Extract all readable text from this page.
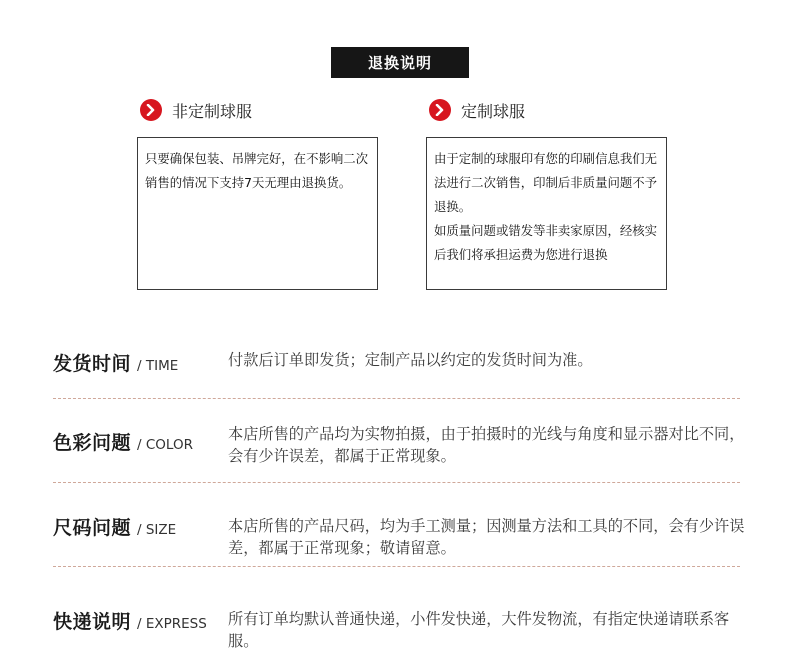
退换说明
非定制球服

只要确保包装、吊牌完好，在不影响二次销售的情况下支持7天无理由退换货。

定制球服

由于定制的球服印有您的印刷信息我们无法进行二次销售，印制后非质量问题不予退换。

如质量问题或错发等非卖家原因，经核实后我们将承担运费为您进行退换

发货时间 / TIME	付款后订单即发货；定制产品以约定的发货时间为准。
色彩问题 / COLOR
本店所售的产品均为实物拍摄，由于拍摄时的光线与角度和显示器对比不同，会有少许误差，都属于正常现象。
尺码问题 / SIZE	本店所售的产品尺码，均为手工测量；因测量方法和工具的不同，会有少许误差，都属于正常现象；敬请留意。
快递说明 / EXPRESS 所有订单均默认普通快递，小件发快递，大件发物流，有指定快递请联系客服。
